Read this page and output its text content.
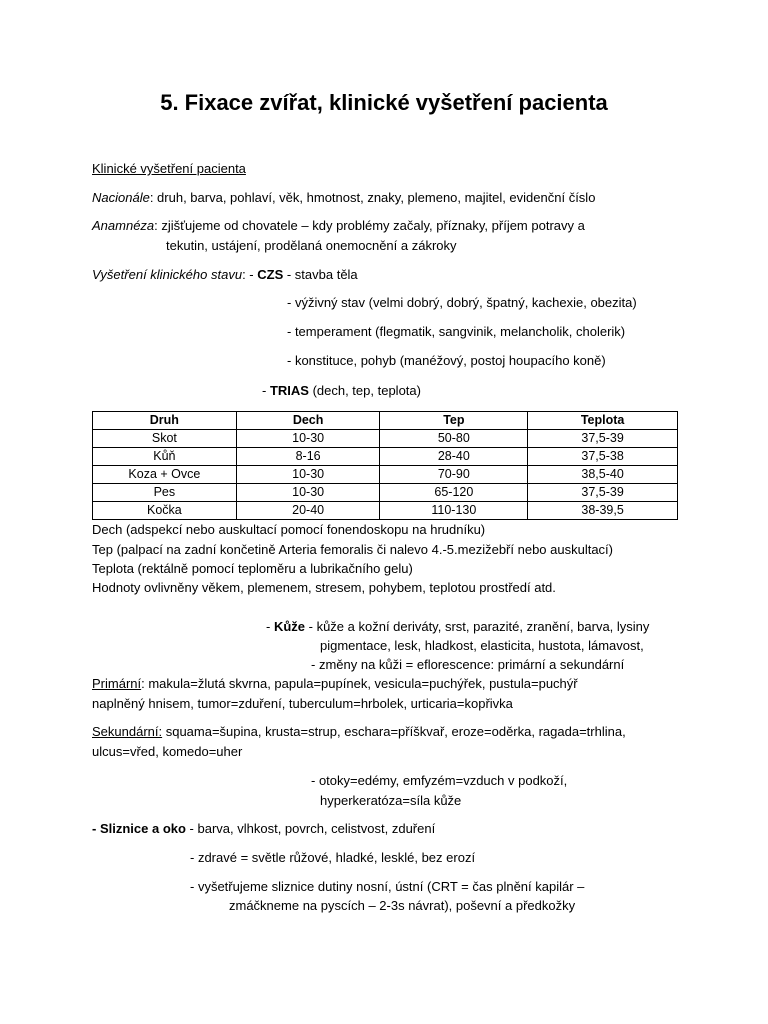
5. Fixace zvířat, klinické vyšetření pacienta
Klinické vyšetření pacienta
Nacionále: druh, barva, pohlaví, věk, hmotnost, znaky, plemeno, majitel, evidenční číslo
Anamnéza: zjišťujeme od chovatele – kdy problémy začaly, příznaky, příjem potravy a
tekutin, ustájení, prodělaná onemocnění a zákroky
Vyšetření klinického stavu: - CZS - stavba těla
- výživný stav (velmi dobrý, dobrý, špatný, kachexie, obezita)
- temperament (flegmatik, sangvinik, melancholik, cholerik)
- konstituce, pohyb (manéžový, postoj houpacího koně)
- TRIAS (dech, tep, teplota)
Druh	Dech	Tep	Teplota
Skot	10-30	50-80	37,5-39
Kůň	8-16	28-40	37,5-38
Koza + Ovce	10-30	70-90	38,5-40
Pes	10-30	65-120	37,5-39
Kočka	20-40	110-130	38-39,5
Dech (adspekcí nebo auskultací pomocí fonendoskopu na hrudníku)
Tep (palpací na zadní končetině Arteria femoralis či nalevo 4.-5.mezižebří nebo auskultací)
Teplota (rektálně pomocí teploměru a lubrikačního gelu)
Hodnoty ovlivněny věkem, plemenem, stresem, pohybem, teplotou prostředí atd.
- Kůže - kůže a kožní deriváty, srst, parazité, zranění, barva, lysiny
pigmentace, lesk, hladkost, elasticita, hustota, lámavost,
- změny na kůži = eflorescence: primární a sekundární
Primární: makula=žlutá skvrna, papula=pupínek, vesicula=puchýřek, pustula=puchýř
naplněný hnisem, tumor=zduření, tuberculum=hrbolek, urticaria=kopřivka
Sekundární: squama=šupina, krusta=strup, eschara=příškvař, eroze=oděrka, ragada=trhlina,
ulcus=vřed, komedo=uher
- otoky=edémy, emfyzém=vzduch v podkoží,
hyperkeratóza=síla kůže
- Sliznice a oko - barva, vlhkost, povrch, celistvost, zduření
- zdravé = světle růžové, hladké, lesklé, bez erozí
- vyšetřujeme sliznice dutiny nosní, ústní (CRT = čas plnění kapilár –
zmáčkneme na pyscích – 2-3s návrat), poševní a předkožky
